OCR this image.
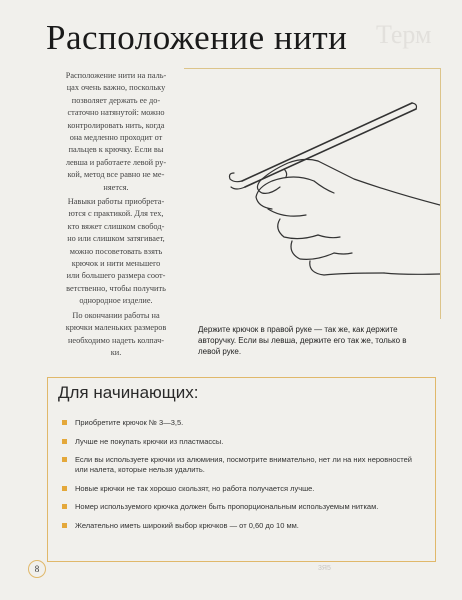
Расположение нити Терм

Расположение нити на паль-
цах очень важно, поскольку
позволяет держать ее до-
статочно натянутой: можно
контролировать нить, когда
она медленно проходит от
пальцев к крючку. Если вы
левша и работаете левой ру-
кой, метод все равно не ме-
няется.

Навыки работы приобрета-
ются с практикой. Для тех,
кто вяжет слишком свобод-
но или слишком затягивает,
можно посоветовать взять
крючок и нити меньшего
или большего размера соот-
ветственно, чтобы получить
однородное изделие.

По окончании работы на
крючки маленьких размеров
необходимо надеть колпач-
ки.

Держите крючок в правой руке — так же, как держите авторучку. Если вы левша, держите его так же, только в левой руке.
Для начинающих:
Приобретите крючок № 3—3,5.
Лучше не покупать крючки из пластмассы.
Если вы используете крючки из алюминия, посмотрите внимательно, нет ли на них неровностей или налета, которые нельзя удалить.
Новые крючки не так хорошо скользят, но работа получается лучше.
Номер используемого крючка должен быть пропорциональным используемым ниткам.
Желательно иметь широкий выбор крючков — от 0,60 до 10 мм.
8	3Я5
